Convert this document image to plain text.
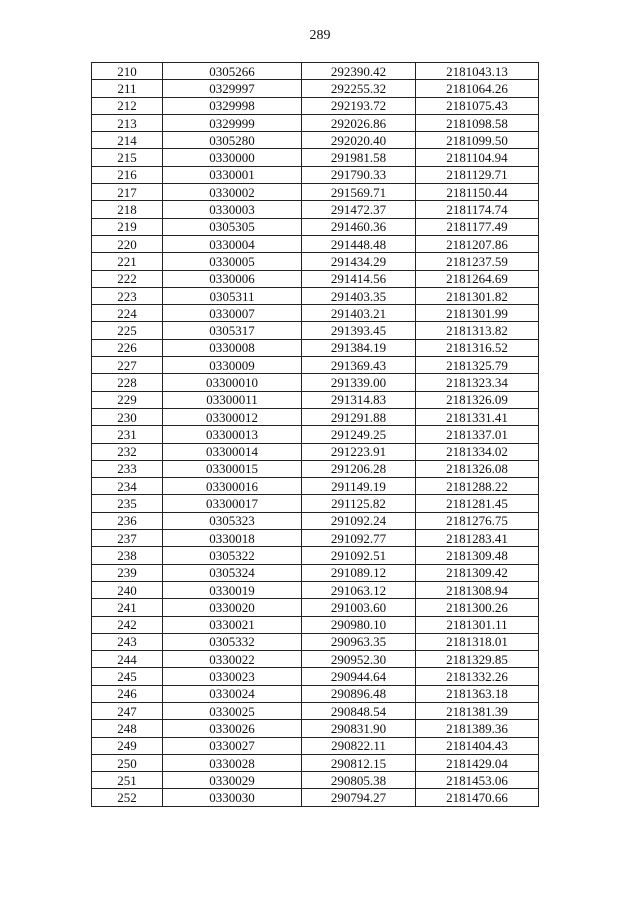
289
210	0305266	292390.42	2181043.13
211	0329997	292255.32	2181064.26
212	0329998	292193.72	2181075.43
213	0329999	292026.86	2181098.58
214	0305280	292020.40	2181099.50
215	0330000	291981.58	2181104.94
216	0330001	291790.33	2181129.71
217	0330002	291569.71	2181150.44
218	0330003	291472.37	2181174.74
219	0305305	291460.36	2181177.49
220	0330004	291448.48	2181207.86
221	0330005	291434.29	2181237.59
222	0330006	291414.56	2181264.69
223	0305311	291403.35	2181301.82
224	0330007	291403.21	2181301.99
225	0305317	291393.45	2181313.82
226	0330008	291384.19	2181316.52
227	0330009	291369.43	2181325.79
228	03300010	291339.00	2181323.34
229	03300011	291314.83	2181326.09
230	03300012	291291.88	2181331.41
231	03300013	291249.25	2181337.01
232	03300014	291223.91	2181334.02
233	03300015	291206.28	2181326.08
234	03300016	291149.19	2181288.22
235	03300017	291125.82	2181281.45
236	0305323	291092.24	2181276.75
237	0330018	291092.77	2181283.41
238	0305322	291092.51	2181309.48
239	0305324	291089.12	2181309.42
240	0330019	291063.12	2181308.94
241	0330020	291003.60	2181300.26
242	0330021	290980.10	2181301.11
243	0305332	290963.35	2181318.01
244	0330022	290952.30	2181329.85
245	0330023	290944.64	2181332.26
246	0330024	290896.48	2181363.18
247	0330025	290848.54	2181381.39
248	0330026	290831.90	2181389.36
249	0330027	290822.11	2181404.43
250	0330028	290812.15	2181429.04
251	0330029	290805.38	2181453.06
252	0330030	290794.27	2181470.66
